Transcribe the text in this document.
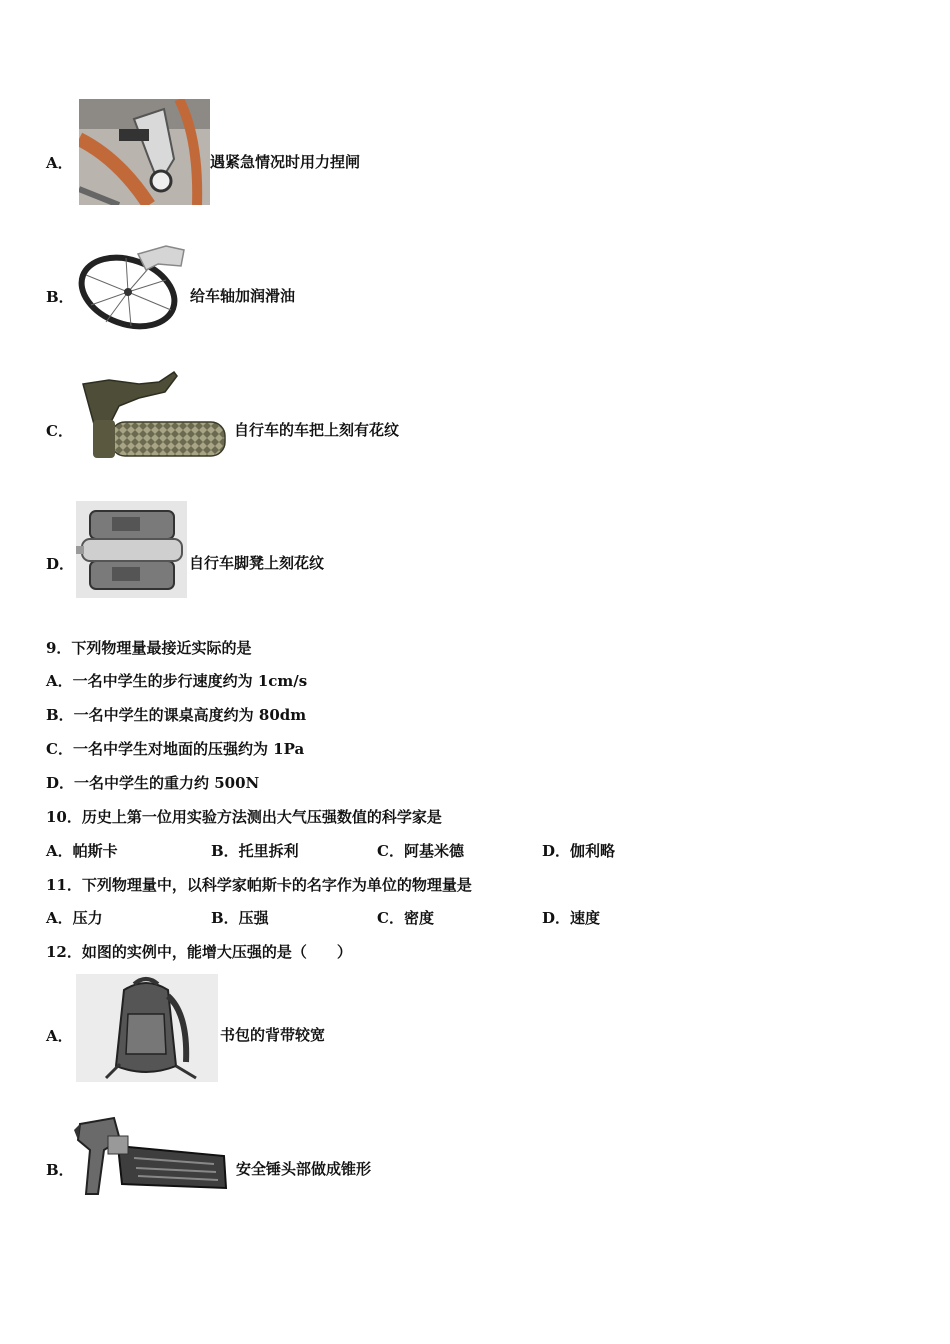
A．	遇紧急情况时用力捏闸
B．	给车轴加润滑油
C．	自行车的车把上刻有花纹
D．	自行车脚凳上刻花纹
9．下列物理量最接近实际的是
A．一名中学生的步行速度约为 1cm/s
B．一名中学生的课桌高度约为 80dm
C．一名中学生对地面的压强约为 1Pa
D．一名中学生的重力约 500N
10．历史上第一位用实验方法测出大气压强数值的科学家是
A．帕斯卡	B．托里拆利	C．阿基米德	D．伽利略
11．下列物理量中，以科学家帕斯卡的名字作为单位的物理量是
A．压力	B．压强	C．密度	D．速度
12．如图的实例中，能增大压强的是（　　）
A．	书包的背带较宽
B．	安全锤头部做成锥形
